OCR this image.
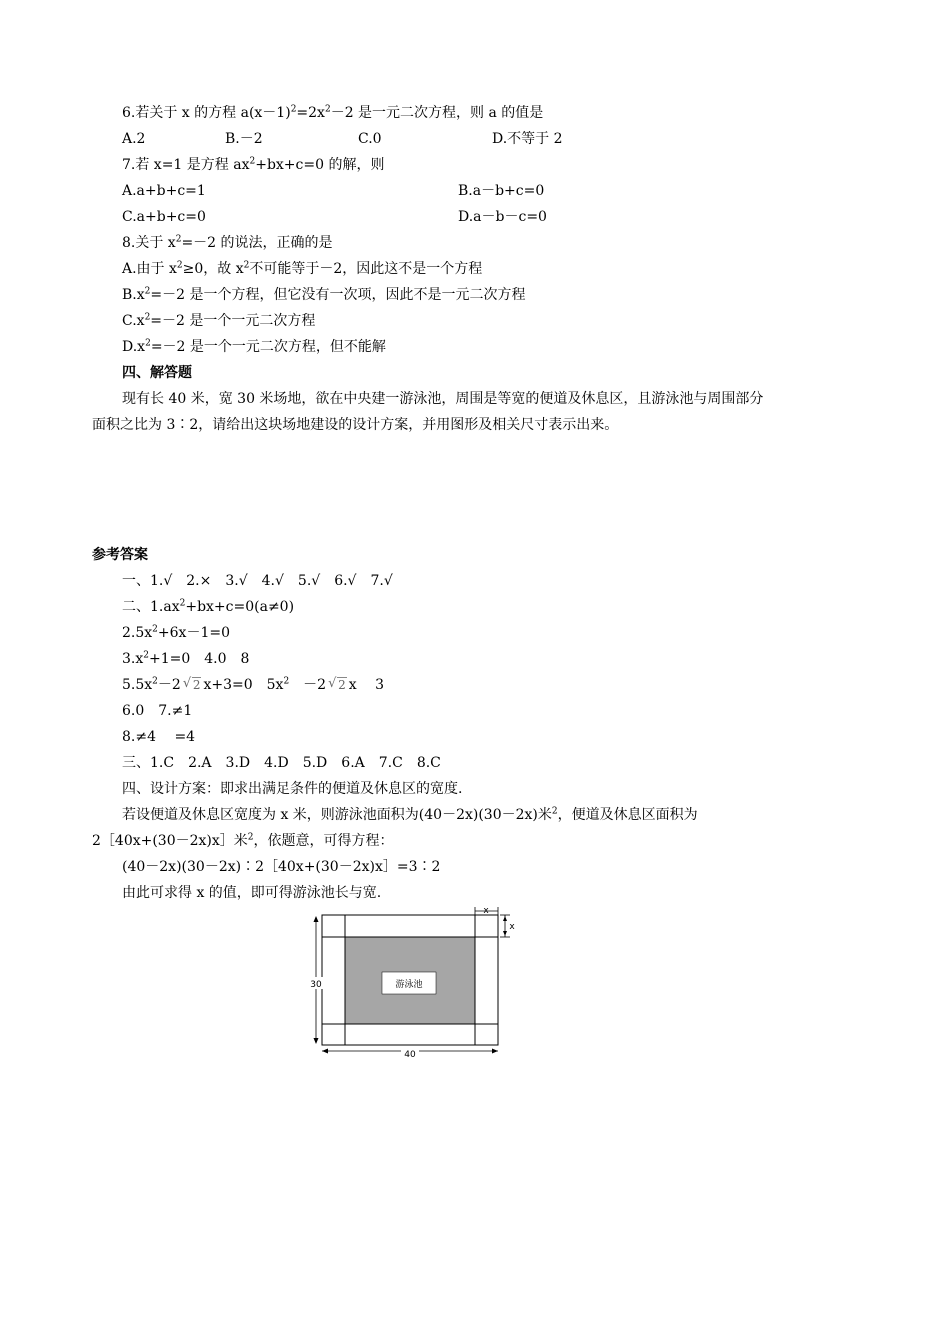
6.若关于 x 的方程 $a(x-1)^2=2x^2-2$ 是一元二次方程，则 a 的值是
A.2	B.－2	C.0	D.不等于 2
7.若 x=1 是方程 $ax^2+bx+c=0$ 的解，则
A.a+b+c=1	B.a－b+c=0
C.a+b+c=0	D.a－b－c=0
8.关于 $x^2=-2$ 的说法，正确的是
A.由于 $x^2\ge 0$，故 $x^2$不可能等于－2，因此这不是一个方程
$B.x^2=-2$ 是一个方程，但它没有一次项，因此不是一元二次方程
$C.x^2=-2$ 是一个一元二次方程
$D.x^2=-2$ 是一个一元二次方程，但不能解
四、解答题
现有长 40 米，宽 30 米场地，欲在中央建一游泳池，周围是等宽的便道及休息区，且游泳池与周围部分
面积之比为 3∶2，请给出这块场地建设的设计方案，并用图形及相关尺寸表示出来。
参考答案
一、1.√　2.×　3.√　4.√　5.√　6.√　7.√
二、$1.ax^2+bx+c=0(a\ne 0)$
$2.5x^2+6x-1=0$
$3.x^2+1=0$　4.0　8
$5.5x^2-2√$ 2 x+3=0　$5x^2$　－2√ 2 x　 3
6.0　7.≠1
8.≠4　 =4
三、1.C　2.A　3.D　4.D　5.D　6.A　7.C　8.C
四、设计方案：即求出满足条件的便道及休息区的宽度.
若设便道及休息区宽度为 x 米，则游泳池面积为(40－2x)(30－2x)米$^2$，便道及休息区面积为
2［40x+(30－2x)x］米$^2$，依题意，可得方程：
(40－2x)(30－2x)∶2［40x+(30－2x)x］=3∶2
由此可求得 x 的值，即可得游泳池长与宽.
游泳池
30
40
x
x
